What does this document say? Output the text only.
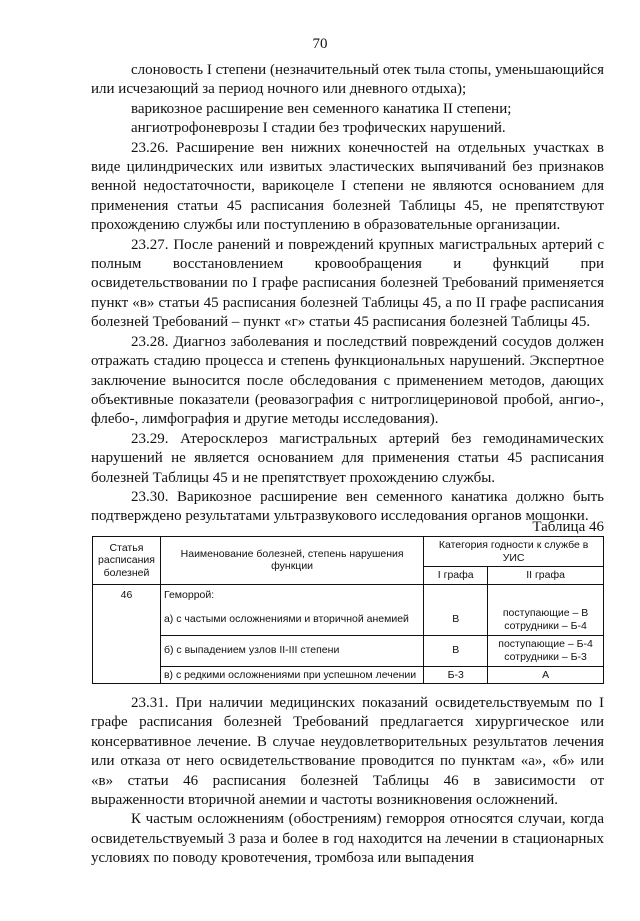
70

слоновость I степени (незначительный отек тыла стопы, уменьшающийся или исчезающий за период ночного или дневного отдыха);

варикозное расширение вен семенного канатика II степени;

ангиотрофоневрозы I стадии без трофических нарушений.

23.26. Расширение вен нижних конечностей на отдельных участках в виде цилиндрических или извитых эластических выпячиваний без признаков венной недостаточности, варикоцеле I степени не являются основанием для применения статьи 45 расписания болезней Таблицы 45, не препятствуют прохождению службы или поступлению в образовательные организации.

23.27. После ранений и повреждений крупных магистральных артерий с полным восстановлением кровообращения и функций при освидетельствовании по I графе расписания болезней Требований применяется пункт «в» статьи 45 расписания болезней Таблицы 45, а по II графе расписания болезней Требований – пункт «г» статьи 45 расписания болезней Таблицы 45.

23.28. Диагноз заболевания и последствий повреждений сосудов должен отражать стадию процесса и степень функциональных нарушений. Экспертное заключение выносится после обследования с применением методов, дающих объективные показатели (реовазография с нитроглицериновой пробой, ангио-, флебо-, лимфография и другие методы исследования).

23.29. Атеросклероз магистральных артерий без гемодинамических нарушений не является основанием для применения статьи 45 расписания болезней Таблицы 45 и не препятствует прохождению службы.

23.30. Варикозное расширение вен семенного канатика должно быть подтверждено результатами ультразвукового исследования органов мошонки.

Таблица 46
Статья расписания болезней	Наименование болезней, степень нарушения функции	Категория годности к службе в УИС	
		I графа	II графа
46	Геморрой:		
	а) с частыми осложнениями и вторичной анемией	В	поступающие – В сотрудники – Б-4
	б) с выпадением узлов II-III степени	В	поступающие – Б-4 сотрудники – Б-3
	в) с редкими осложнениями при успешном лечении	Б-3	А

23.31. При наличии медицинских показаний освидетельствуемым по I графе расписания болезней Требований предлагается хирургическое или консервативное лечение. В случае неудовлетворительных результатов лечения или отказа от него освидетельствование проводится по пунктам «а», «б» или «в» статьи 46 расписания болезней Таблицы 46 в зависимости от выраженности вторичной анемии и частоты возникновения осложнений.

К частым осложнениям (обострениям) геморроя относятся случаи, когда освидетельствуемый 3 раза и более в год находится на лечении в стационарных условиях по поводу кровотечения, тромбоза или выпадения
